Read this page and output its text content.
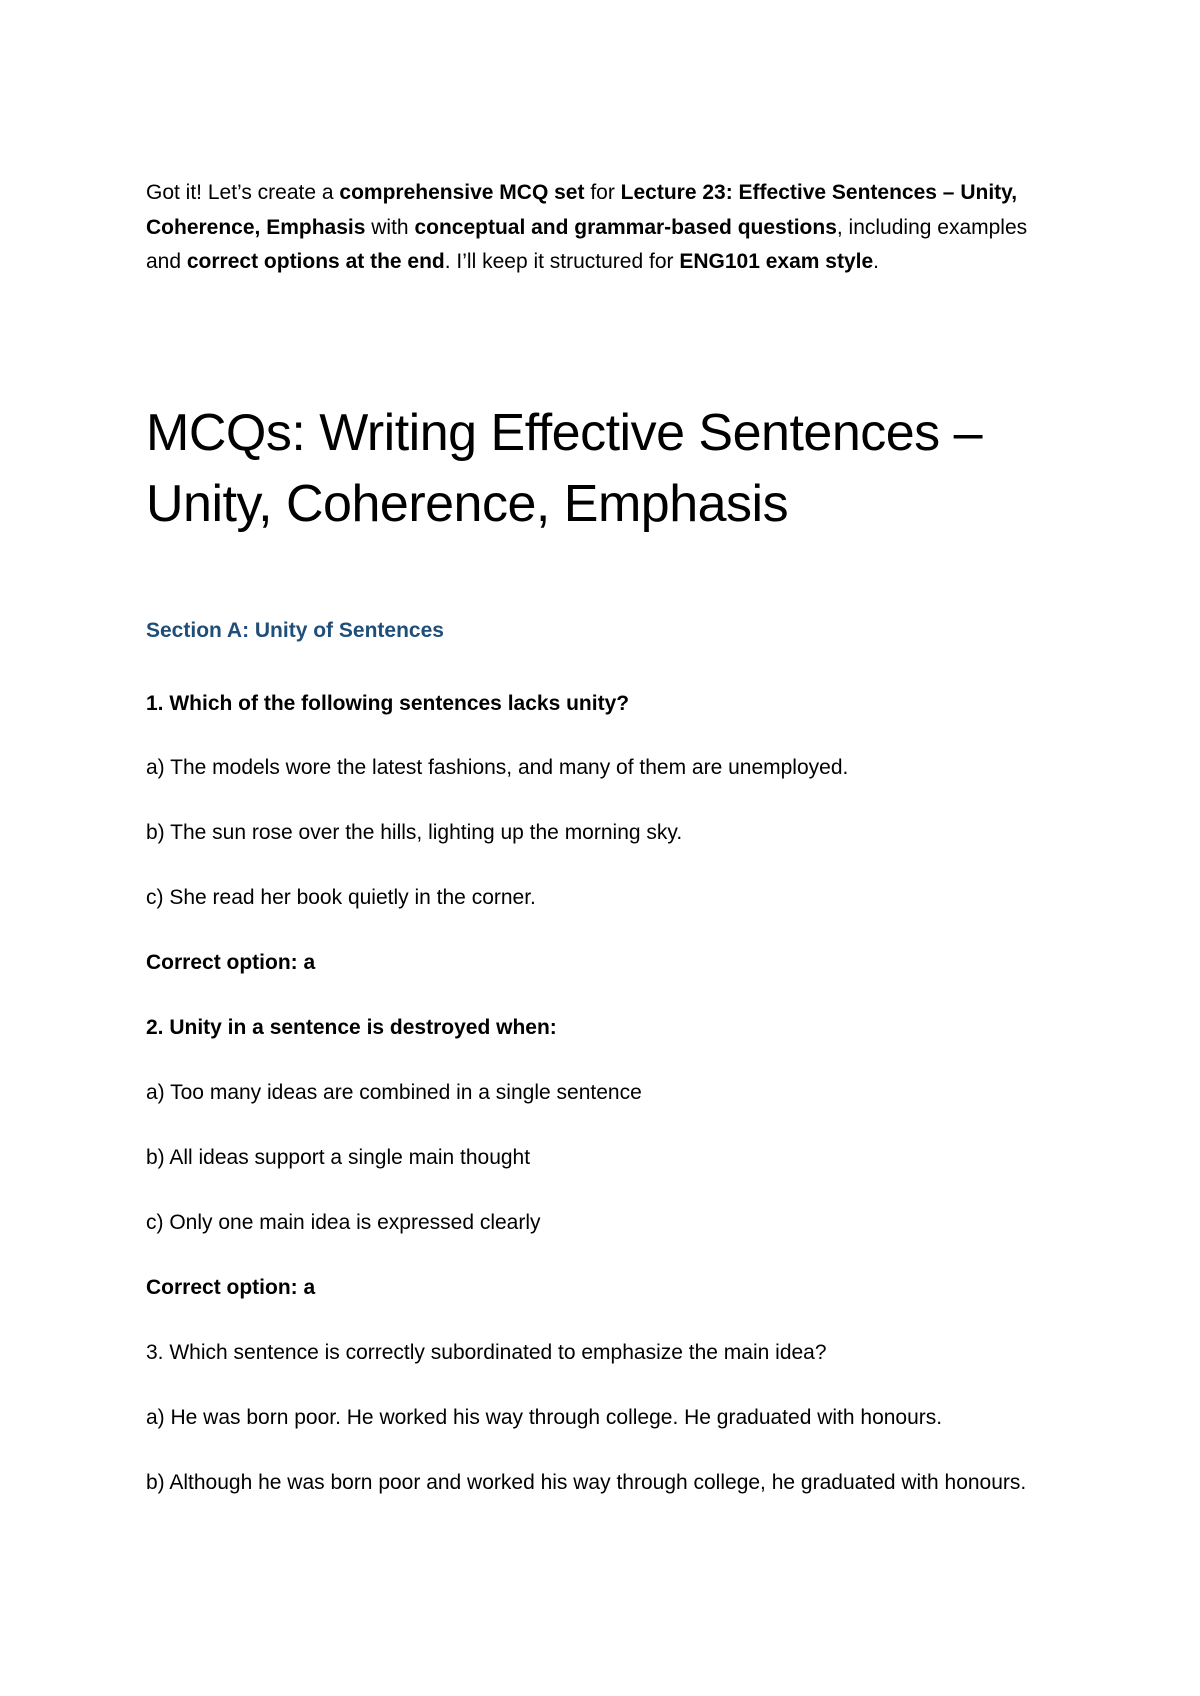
Got it! Let’s create a comprehensive MCQ set for Lecture 23: Effective Sentences – Unity, Coherence, Emphasis with conceptual and grammar-based questions, including examples and correct options at the end. I’ll keep it structured for ENG101 exam style.

MCQs: Writing Effective Sentences – Unity, Coherence, Emphasis
Section A: Unity of Sentences

1. Which of the following sentences lacks unity?

a) The models wore the latest fashions, and many of them are unemployed.

b) The sun rose over the hills, lighting up the morning sky.

c) She read her book quietly in the corner.

Correct option: a

2. Unity in a sentence is destroyed when:

a) Too many ideas are combined in a single sentence

b) All ideas support a single main thought

c) Only one main idea is expressed clearly

Correct option: a

3. Which sentence is correctly subordinated to emphasize the main idea?

a) He was born poor. He worked his way through college. He graduated with honours.

b) Although he was born poor and worked his way through college, he graduated with honours.
